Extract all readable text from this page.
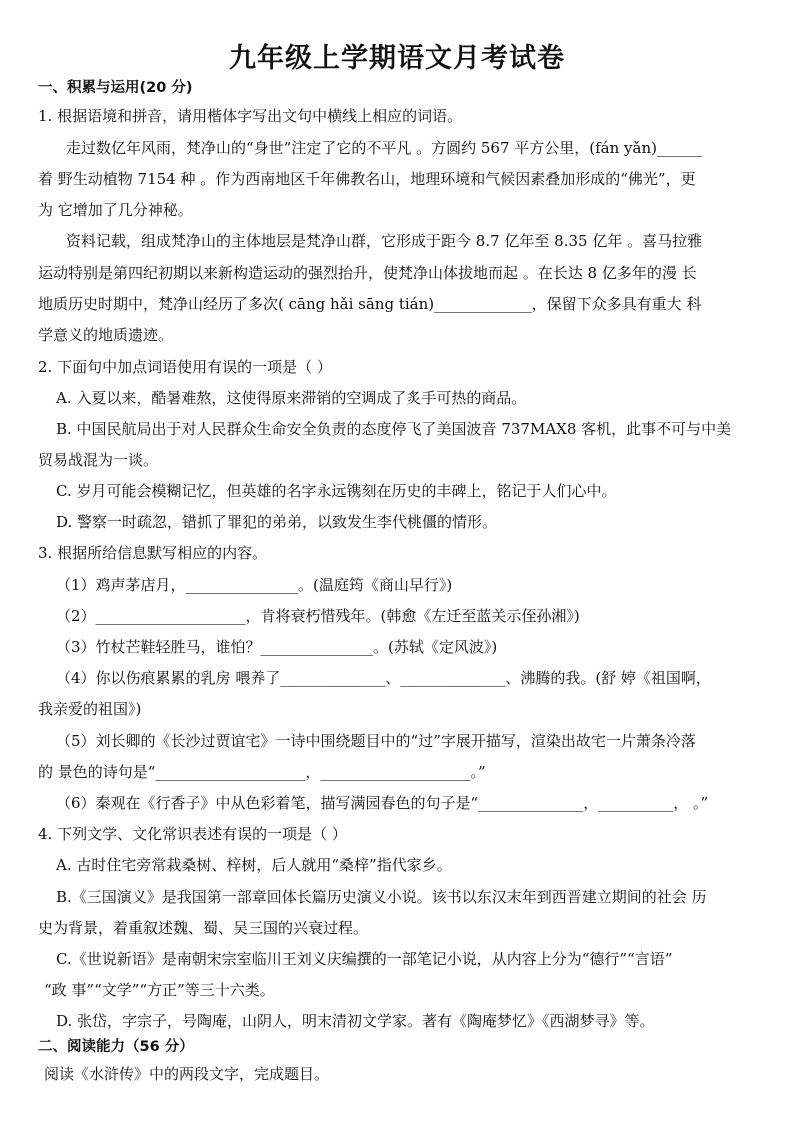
九年级上学期语文月考试卷
一、积累与运用(20 分)
1. 根据语境和拼音，请用楷体字写出文句中横线上相应的词语。
走过数亿年风雨，梵净山的“身世”注定了它的不平凡 。方圆约 567 平方公里，(fán yǎn)______
着 野生动植物 7154 种 。作为西南地区千年佛教名山，地理环境和气候因素叠加形成的“佛光”，更
为 它增加了几分神秘。
资料记载，组成梵净山的主体地层是梵净山群，它形成于距今 8.7 亿年至 8.35 亿年 。喜马拉雅
运动特别是第四纪初期以来新构造运动的强烈抬升，使梵净山体拔地而起 。在长达 8 亿多年的漫 长
地质历史时期中，梵净山经历了多次( cāng hǎi sāng tián)_____________，保留下众多具有重大 科
学意义的地质遗迹。
2. 下面句中加点词语使用有误的一项是（ ）
A. 入夏以来，酷暑难熬，这使得原来滞销的空调成了炙手可热的商品。
B. 中国民航局出于对人民群众生命安全负责的态度停飞了美国波音 737MAX8 客机，此事不可与中美
贸易战混为一谈。
C. 岁月可能会模糊记忆，但英雄的名字永远镌刻在历史的丰碑上，铭记于人们心中。
D. 警察一时疏忽，错抓了罪犯的弟弟，以致发生李代桃僵的情形。
3. 根据所给信息默写相应的内容。
（1）鸡声茅店月，_______________。(温庭筠《商山早行》)
（2）____________________，肯将衰朽惜残年。(韩愈《左迁至蓝关示侄孙湘》)
（3）竹杖芒鞋轻胜马，谁怕？_______________。(苏轼《定风波》)
（4）你以伤痕累累的乳房 喂养了______________、______________、沸腾的我。(舒 婷《祖国啊，
我亲爱的祖国》)
（5）刘长卿的《长沙过贾谊宅》一诗中围绕题目中的“过”字展开描写，渲染出故宅一片萧条冷落
的 景色的诗句是“____________________，____________________。”
（6）秦观在《行香子》中从色彩着笔，描写满园春色的句子是“______________，__________， 。”
4. 下列文学、文化常识表述有误的一项是（ ）
A. 古时住宅旁常栽桑树、梓树，后人就用“桑梓”指代家乡。
B.《三国演义》是我国第一部章回体长篇历史演义小说。该书以东汉末年到西晋建立期间的社会 历
史为背景，着重叙述魏、蜀、吴三国的兴衰过程。
C.《世说新语》是南朝宋宗室临川王刘义庆编撰的一部笔记小说，从内容上分为“德行”“言语”
“政 事”“文学”“方正”等三十六类。
D. 张岱，字宗子，号陶庵，山阴人，明末清初文学家。著有《陶庵梦忆》《西湖梦寻》等。
二、阅读能力（56 分）
阅读《水浒传》中的两段文字，完成题目。
